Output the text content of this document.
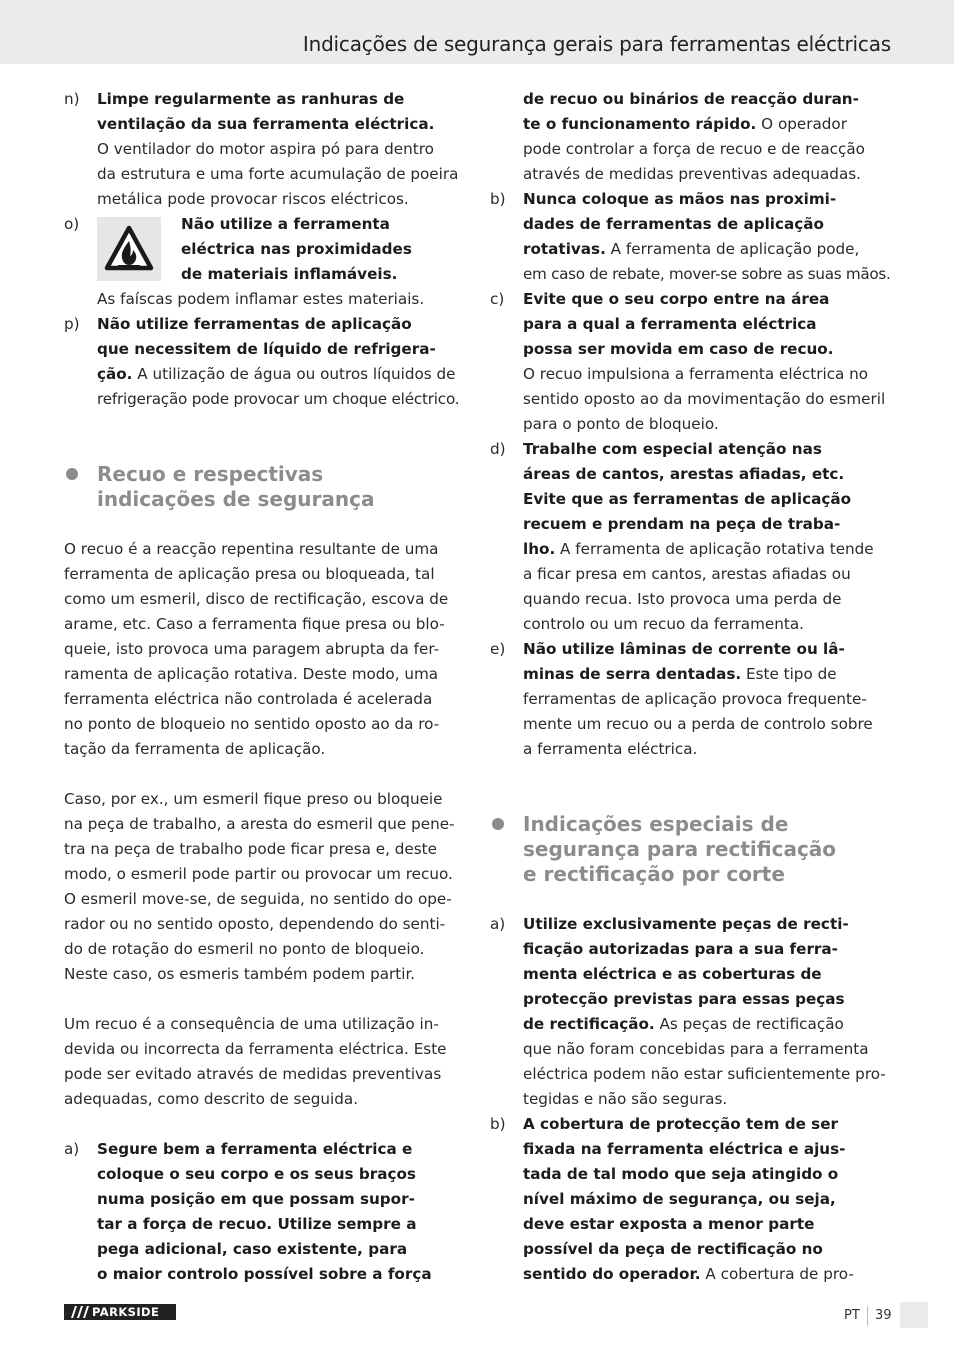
Indicações de segurança gerais para ferramentas eléctricas
n) Limpe regularmente as ranhuras de
ventilação da sua ferramenta eléctrica.
O ventilador do motor aspira pó para dentro
da estrutura e uma forte acumulação de poeira
metálica pode provocar riscos eléctricos.
o)	Não utilize a ferramenta
eléctrica nas proximidades
de materiais inflamáveis.
As faíscas podem inflamar estes materiais.
p) Não utilize ferramentas de aplicação
que necessitem de líquido de refrigera-
ção. A utilização de água ou outros líquidos de
refrigeração pode provocar um choque eléctrico.
Recuo e respectivas
indicações de segurança
O recuo é a reacção repentina resultante de uma
ferramenta de aplicação presa ou bloqueada, tal
como um esmeril, disco de rectificação, escova de
arame, etc. Caso a ferramenta fique presa ou blo-
queie, isto provoca uma paragem abrupta da fer-
ramenta de aplicação rotativa. Deste modo, uma
ferramenta eléctrica não controlada é acelerada
no ponto de bloqueio no sentido oposto ao da ro-
tação da ferramenta de aplicação.
Caso, por ex., um esmeril fique preso ou bloqueie
na peça de trabalho, a aresta do esmeril que pene-
tra na peça de trabalho pode ficar presa e, deste
modo, o esmeril pode partir ou provocar um recuo.
O esmeril move-se, de seguida, no sentido do ope-
rador ou no sentido oposto, dependendo do senti-
do de rotação do esmeril no ponto de bloqueio.
Neste caso, os esmeris também podem partir.
Um recuo é a consequência de uma utilização in-
devida ou incorrecta da ferramenta eléctrica. Este
pode ser evitado através de medidas preventivas
adequadas, como descrito de seguida.
a) Segure bem a ferramenta eléctrica e
coloque o seu corpo e os seus braços
numa posição em que possam supor-
tar a força de recuo. Utilize sempre a
pega adicional, caso existente, para
o maior controlo possível sobre a força
de recuo ou binários de reacção duran-
te o funcionamento rápido. O operador
pode controlar a força de recuo e de reacção
através de medidas preventivas adequadas.
b) Nunca coloque as mãos nas proximi-
dades de ferramentas de aplicação
rotativas. A ferramenta de aplicação pode,
em caso de rebate, mover-se sobre as suas mãos.
c) Evite que o seu corpo entre na área
para a qual a ferramenta eléctrica
possa ser movida em caso de recuo.
O recuo impulsiona a ferramenta eléctrica no
sentido oposto ao da movimentação do esmeril
para o ponto de bloqueio.
d) Trabalhe com especial atenção nas
áreas de cantos, arestas afiadas, etc.
Evite que as ferramentas de aplicação
recuem e prendam na peça de traba-
lho. A ferramenta de aplicação rotativa tende
a ficar presa em cantos, arestas afiadas ou
quando recua. Isto provoca uma perda de
controlo ou um recuo da ferramenta.
e) Não utilize lâminas de corrente ou lâ-
minas de serra dentadas. Este tipo de
ferramentas de aplicação provoca frequente-
mente um recuo ou a perda de controlo sobre
a ferramenta eléctrica.
Indicações especiais de
segurança para rectificação
e rectificação por corte
a) Utilize exclusivamente peças de recti-
ficação autorizadas para a sua ferra-
menta eléctrica e as coberturas de
protecção previstas para essas peças
de rectificação. As peças de rectificação
que não foram concebidas para a ferramenta
eléctrica podem não estar suficientemente pro-
tegidas e não são seguras.
b) A cobertura de protecção tem de ser
fixada na ferramenta eléctrica e ajus-
tada de tal modo que seja atingido o
nível máximo de segurança, ou seja,
deve estar exposta a menor parte
possível da peça de rectificação no
sentido do operador. A cobertura de pro-
PARKSIDE	PT 39
